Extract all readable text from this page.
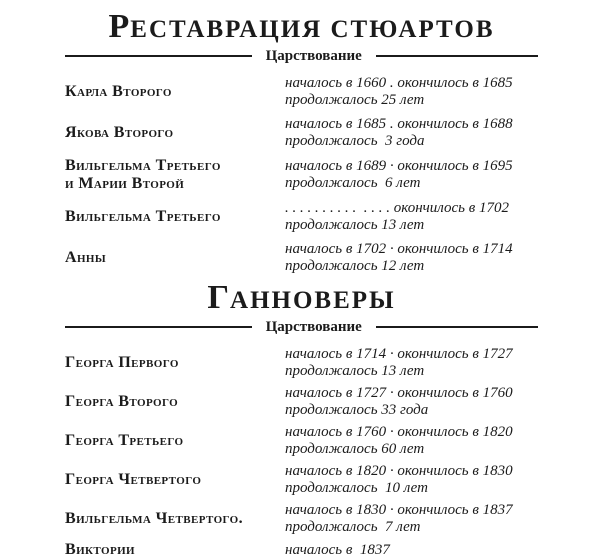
РЕСТАВРАЦИЯ СТЮАРТОВ
Царствование
Карла Второго	началось в 1660 . окончилось в 1685
продолжалось 25 лет
Якова Второго	началось в 1685 . окончилось в 1688
продолжалось  3 года
Вильгельма Третьего
и Марии Второй
началось в 1689 · окончилось в 1695
продолжалось  6 лет
Вильгельма Третьего	. . . . . . . . . .  . . . . окончилось в 1702
продолжалось 13 лет
Анны	началось в 1702 · окончилось в 1714
продолжалось 12 лет
ГАННОВЕРЫ
Царствование
Георга Первого	началось в 1714 · окончилось в 1727
продолжалось 13 лет
Георга Второго	началось в 1727 · окончилось в 1760
продолжалось 33 года
Георга Третьего	началось в 1760 · окончилось в 1820
продолжалось 60 лет
Георга Четвертого	началось в 1820 · окончилось в 1830
продолжалось  10 лет
Вильгельма Четвертого.	началось в 1830 · окончилось в 1837
продолжалось  7 лет
Виктории	началось в  1837
